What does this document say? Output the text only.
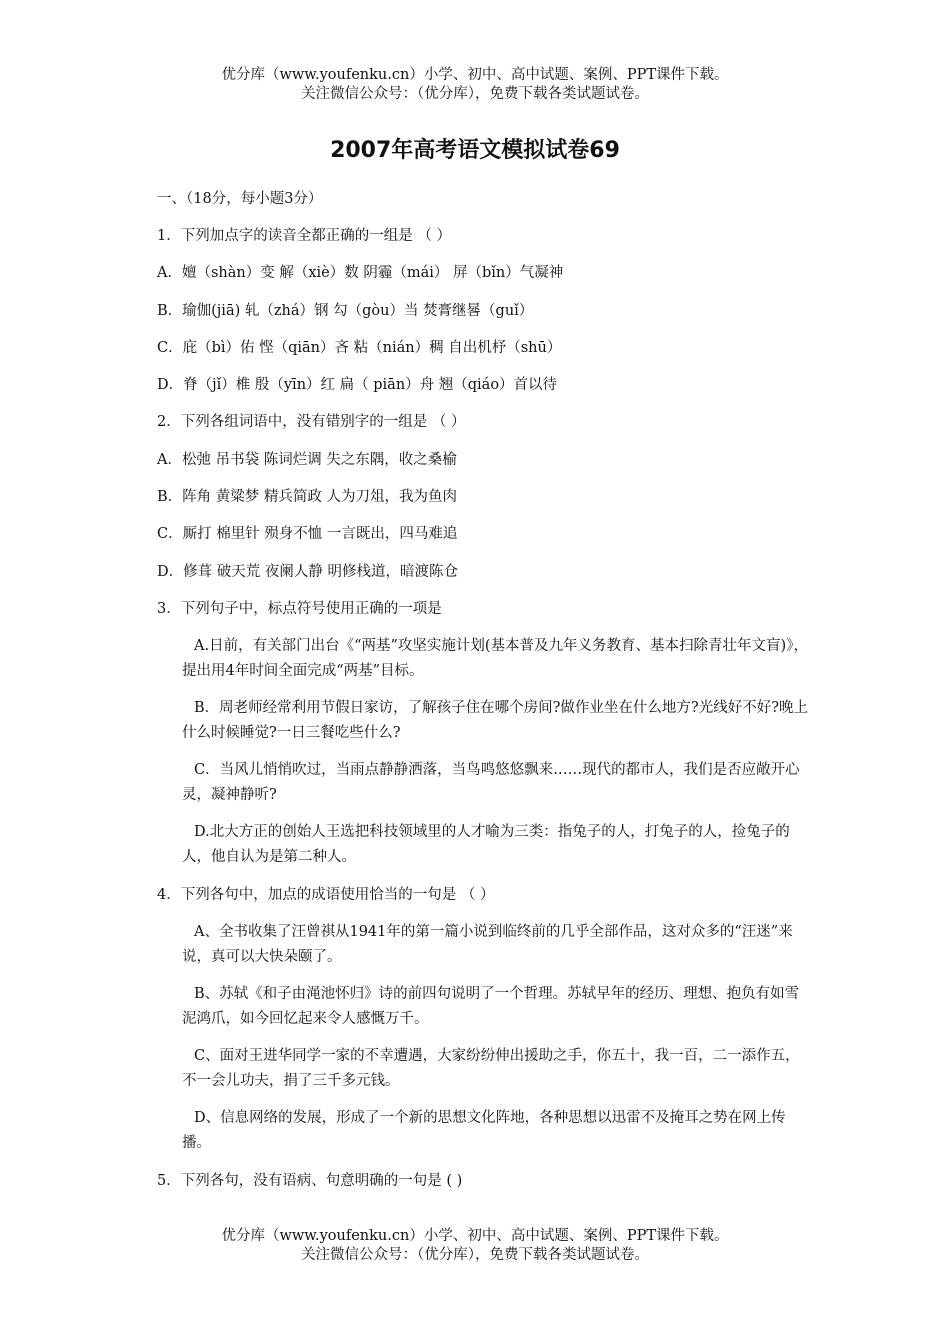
优分库（www.youfenku.cn）小学、初中、高中试题、案例、PPT课件下载。
关注微信公众号：（优分库），免费下载各类试题试卷。
2007年高考语文模拟试卷69
一、（18分，每小题3分）
1．下列加点字的读音全都正确的一组是 （ ）
A．嬗（shàn）变 解（xiè）数 阴霾（mái） 屏（bǐn）气凝神
B．瑜伽(jiā) 轧（zhá）钢 勾（gòu）当 焚膏继晷（guǐ）
C．庇（bì）佑 悭（qiān）吝 粘（nián）稠 自出机杼（shū）
D．脊（jǐ）椎 殷（yīn）红 扁（ piān）舟 翘（qiáo）首以待
2．下列各组词语中，没有错别字的一组是 （ ）
A．松弛 吊书袋 陈词烂调 失之东隅，收之桑榆
B．阵角 黄粱梦 精兵简政 人为刀俎，我为鱼肉
C．厮打 棉里针 殒身不恤 一言既出，四马难追
D．修葺 破天荒 夜阑人静 明修栈道，暗渡陈仓
3．下列句子中，标点符号使用正确的一项是
A.日前，有关部门出台《“两基”攻坚实施计划(基本普及九年义务教育、基本扫除青壮年文盲)》，提出用4年时间全面完成“两基”目标。
B．周老师经常利用节假日家访，了解孩子住在哪个房间?做作业坐在什么地方?光线好不好?晚上什么时候睡觉?一日三餐吃些什么?
C．当风儿悄悄吹过，当雨点静静洒落，当鸟鸣悠悠飘来……现代的都市人，我们是否应敞开心灵，凝神静听?
D.北大方正的创始人王选把科技领域里的人才喻为三类：指兔子的人，打兔子的人，捡兔子的人，他自认为是第二种人。
4．下列各句中，加点的成语使用恰当的一句是 （ ）
A、全书收集了汪曾祺从1941年的第一篇小说到临终前的几乎全部作品，这对众多的“汪迷”来说，真可以大快朵颐了。
B、苏轼《和子由渑池怀归》诗的前四句说明了一个哲理。苏轼早年的经历、理想、抱负有如雪泥鸿爪，如今回忆起来令人感慨万千。
C、面对王进华同学一家的不幸遭遇，大家纷纷伸出援助之手，你五十，我一百，二一添作五，不一会儿功夫，捐了三千多元钱。
D、信息网络的发展，形成了一个新的思想文化阵地，各种思想以迅雷不及掩耳之势在网上传播。
5．下列各句，没有语病、句意明确的一句是 ( )
优分库（www.youfenku.cn）小学、初中、高中试题、案例、PPT课件下载。
关注微信公众号：（优分库），免费下载各类试题试卷。
